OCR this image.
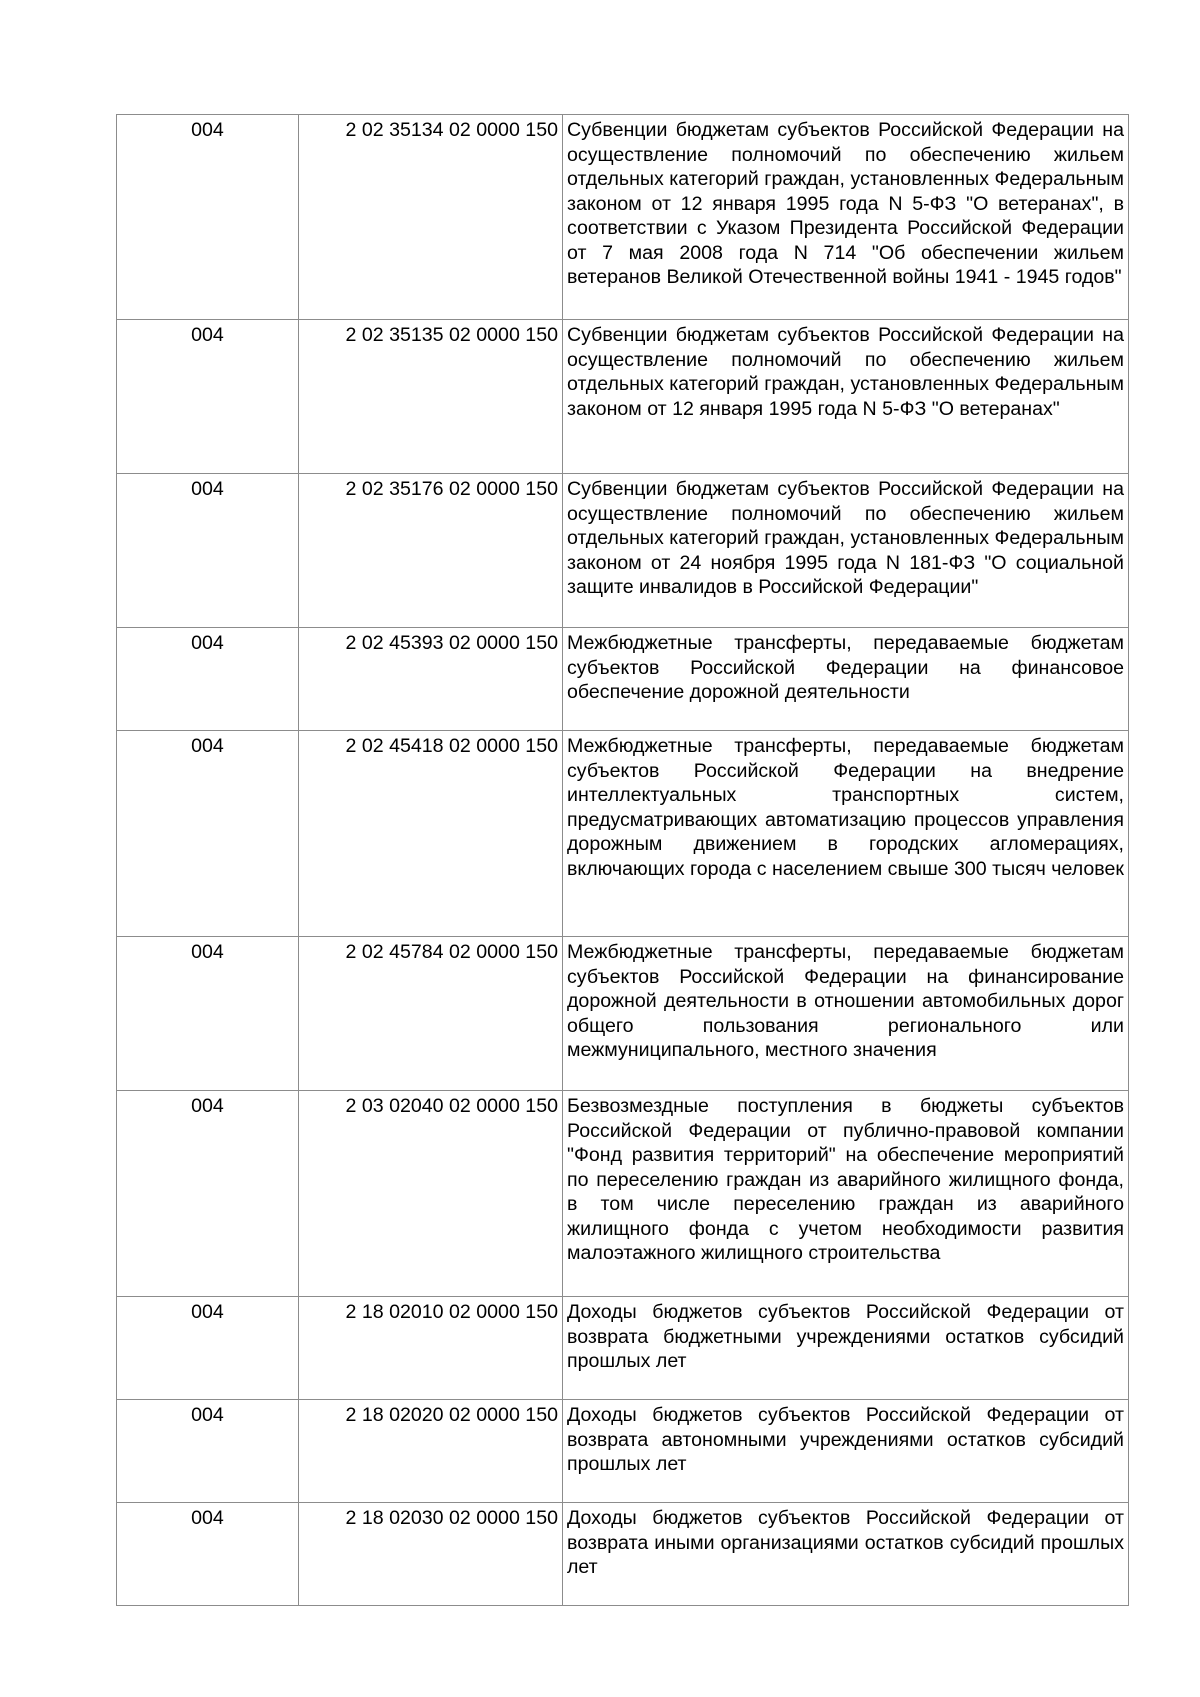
004	2 02 35134 02 0000 150	Субвенции бюджетам субъектов Российской Федерации на осуществление полномочий по обеспечению жильем отдельных категорий граждан, установленных Федеральным законом от 12 января 1995 года N 5-ФЗ "О ветеранах", в соответствии с Указом Президента Российской Федерации от 7 мая 2008 года N 714 "Об обеспечении жильем ветеранов Великой Отечественной войны 1941 - 1945 годов"
004	2 02 35135 02 0000 150	Субвенции бюджетам субъектов Российской Федерации на осуществление полномочий по обеспечению жильем отдельных категорий граждан, установленных Федеральным законом от 12 января 1995 года N 5-ФЗ "О ветеранах"
004	2 02 35176 02 0000 150	Субвенции бюджетам субъектов Российской Федерации на осуществление полномочий по обеспечению жильем отдельных категорий граждан, установленных Федеральным законом от 24 ноября 1995 года N 181-ФЗ "О социальной защите инвалидов в Российской Федерации"
004	2 02 45393 02 0000 150	Межбюджетные трансферты, передаваемые бюджетам субъектов Российской Федерации на финансовое обеспечение дорожной деятельности
004	2 02 45418 02 0000 150	Межбюджетные трансферты, передаваемые бюджетам субъектов Российской Федерации на внедрение интеллектуальных транспортных систем, предусматривающих автоматизацию процессов управления дорожным движением в городских агломерациях, включающих города с населением свыше 300 тысяч человек
004	2 02 45784 02 0000 150	Межбюджетные трансферты, передаваемые бюджетам субъектов Российской Федерации на финансирование дорожной деятельности в отношении автомобильных дорог общего пользования регионального или межмуниципального, местного значения
004	2 03 02040 02 0000 150	Безвозмездные поступления в бюджеты субъектов Российской Федерации от публично-правовой компании "Фонд развития территорий" на обеспечение мероприятий по переселению граждан из аварийного жилищного фонда, в том числе переселению граждан из аварийного жилищного фонда с учетом необходимости развития малоэтажного жилищного строительства
004	2 18 02010 02 0000 150	Доходы бюджетов субъектов Российской Федерации от возврата бюджетными учреждениями остатков субсидий прошлых лет
004	2 18 02020 02 0000 150	Доходы бюджетов субъектов Российской Федерации от возврата автономными учреждениями остатков субсидий прошлых лет
004	2 18 02030 02 0000 150	Доходы бюджетов субъектов Российской Федерации от возврата иными организациями остатков субсидий прошлых лет
